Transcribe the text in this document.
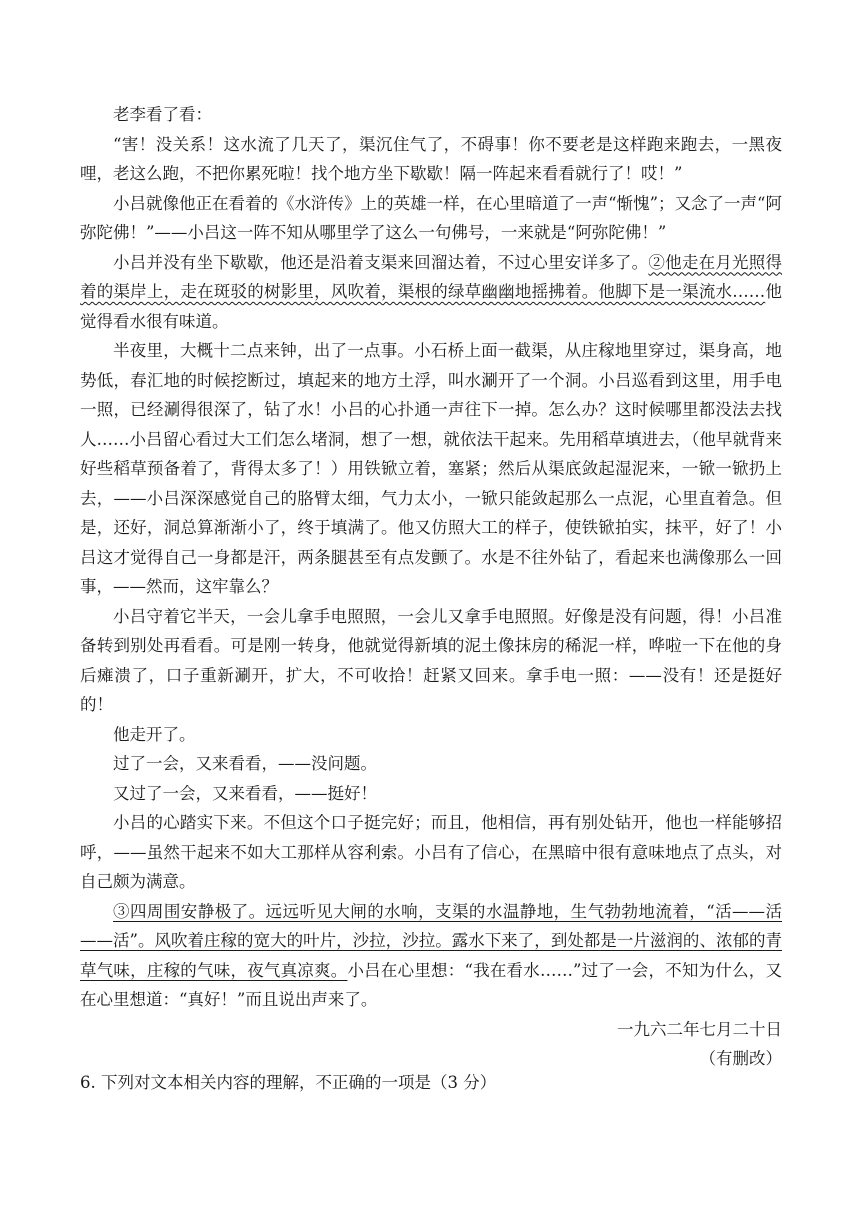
老李看了看：

“害！没关系！这水流了几天了，渠沉住气了，不碍事！你不要老是这样跑来跑去，一黑夜哩，老这么跑，不把你累死啦！找个地方坐下歇歇！隔一阵起来看看就行了！哎！”

小吕就像他正在看着的《水浒传》上的英雄一样，在心里暗道了一声“惭愧”；又念了一声“阿弥陀佛！”——小吕这一阵不知从哪里学了这么一句佛号，一来就是“阿弥陀佛！”

小吕并没有坐下歇歇，他还是沿着支渠来回溜达着，不过心里安详多了。②他走在月光照得着的渠岸上，走在斑驳的树影里，风吹着，渠根的绿草幽幽地摇拂着。他脚下是一渠流水……他觉得看水很有味道。

半夜里，大概十二点来钟，出了一点事。小石桥上面一截渠，从庄稼地里穿过，渠身高，地势低，春汇地的时候挖断过，填起来的地方土浮，叫水涮开了一个洞。小吕巡看到这里，用手电一照，已经涮得很深了，钻了水！小吕的心扑通一声往下一掉。怎么办？这时候哪里都没法去找人……小吕留心看过大工们怎么堵洞，想了一想，就依法干起来。先用稻草填进去，（他早就背来好些稻草预备着了，背得太多了！）用铁锨立着，塞紧；然后从渠底敛起湿泥来，一锨一锨扔上去，——小吕深深感觉自己的胳臂太细，气力太小，一锨只能敛起那么一点泥，心里直着急。但是，还好，洞总算渐渐小了，终于填满了。他又仿照大工的样子，使铁锨拍实，抹平，好了！小吕这才觉得自己一身都是汗，两条腿甚至有点发颤了。水是不往外钻了，看起来也满像那么一回事，——然而，这牢靠么？

小吕守着它半天，一会儿拿手电照照，一会儿又拿手电照照。好像是没有问题，得！小吕准备转到别处再看看。可是刚一转身，他就觉得新填的泥土像抹房的稀泥一样，哗啦一下在他的身后瘫溃了，口子重新涮开，扩大，不可收拾！赶紧又回来。拿手电一照：——没有！还是挺好的！

他走开了。

过了一会，又来看看，——没问题。

又过了一会，又来看看，——挺好！

小吕的心踏实下来。不但这个口子挺完好；而且，他相信，再有别处钻开，他也一样能够招呼，——虽然干起来不如大工那样从容利索。小吕有了信心，在黑暗中很有意味地点了点头，对自己颇为满意。

③四周围安静极了。远远听见大闸的水响，支渠的水温静地，生气勃勃地流着，“活——活——活”。风吹着庄稼的宽大的叶片，沙拉，沙拉。露水下来了，到处都是一片滋润的、浓郁的青草气味，庄稼的气味，夜气真凉爽。小吕在心里想：“我在看水……”过了一会，不知为什么，又在心里想道：“真好！”而且说出声来了。

一九六二年七月二十日

（有删改）

6. 下列对文本相关内容的理解，不正确的一项是（3 分）
